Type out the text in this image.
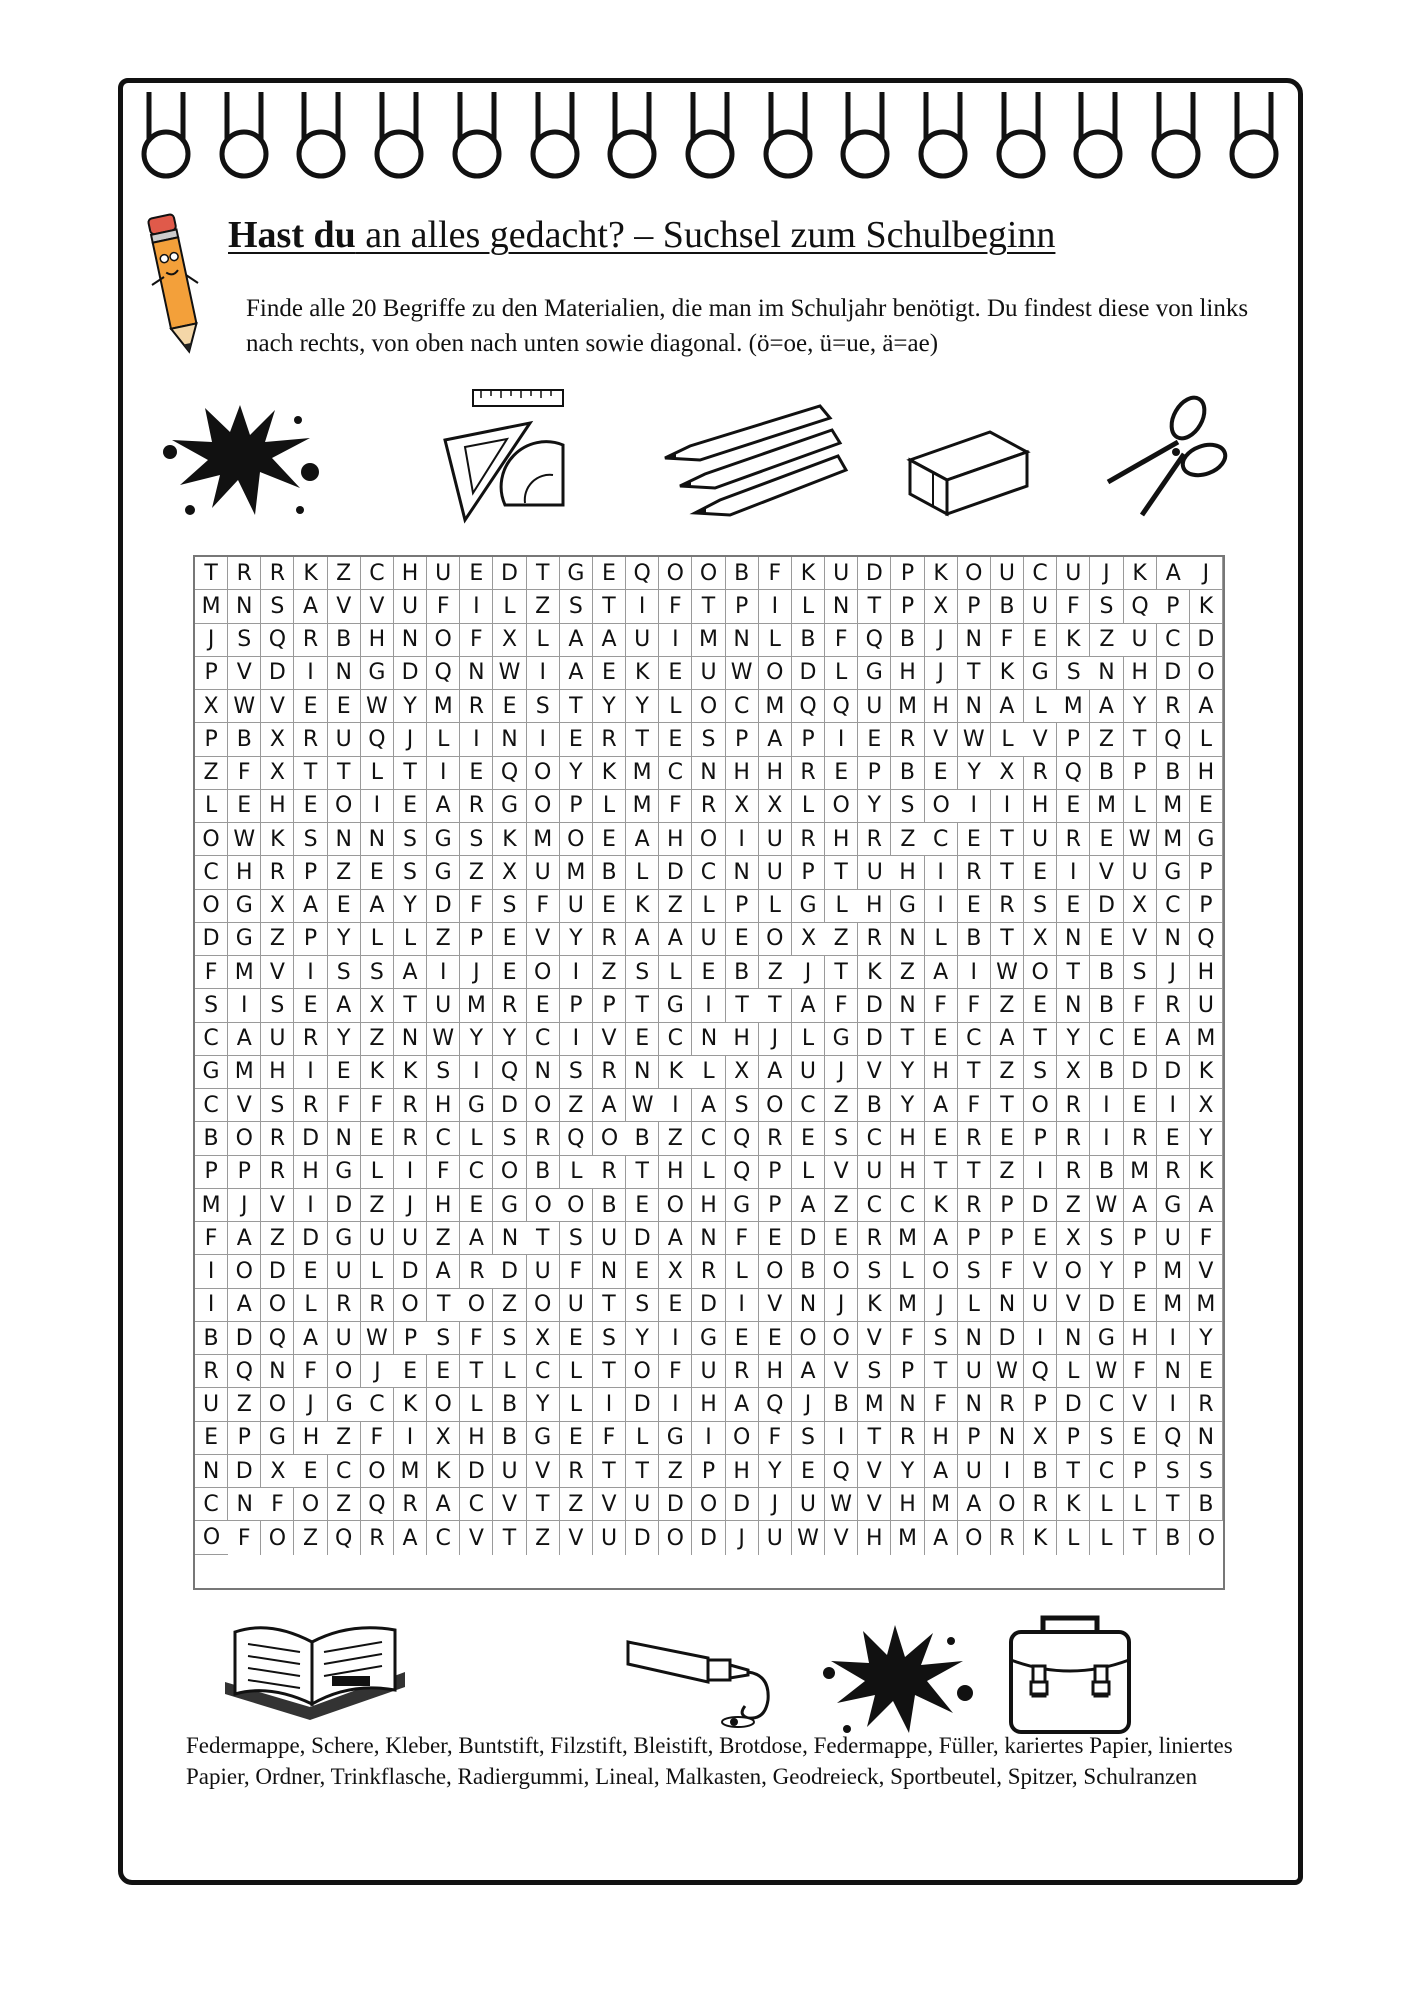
Hast du an alles gedacht? – Suchsel zum Schulbeginn
Finde alle 20 Begriffe zu den Materialien, die man im Schuljahr benötigt. Du findest diese von links nach rechts, von oben nach unten sowie diagonal. (ö=oe, ü=ue, ä=ae)
T R R K Z C H U E D T G E Q O O B F K U D P K O U C U J	K A J
M N S A V V U F	I	L Z S T	I	F T P	I	L N T P X P B U F S Q P K
J	S Q R B H N O F X L A A U I M N L B F Q B	J N F E K Z U C D
P V D I N G D Q N W I	A E K E U W O D L G H J	T K G S N H D O
X W V E E W Y M R E S T Y Y L O C M Q Q U M H N A L M A Y R A
P B X R U Q J	L	I N I	E R T E S P A P	I	E R V W L V P Z T Q L
Z F X T T L T	I	E Q O Y K M C N H H R E P B E Y X R Q B P B H
L E H E O I	E A R G O P L M F R X X L O Y S O I	I H E M L M E
O W K S N N S G S K M O E A H O I U R H R Z C E T U R E W M G
C H R P Z E S G Z X U M B L D C N U P T U H I	R T E	I	V U G P
O G X A E A Y D F S F U E K Z L P L G L H G I	E R S E D X C P
D G Z P Y L L Z P E V Y R A A U E O X Z R N L B T X N E V N Q
F M V	I	S S A	I	J	E O I	Z S L E B Z J	T K Z A	I W O T B S	J H
S	I	S E A X T U M R E P P T G I	T T A F D N F F Z E N B F R U
C A U R Y Z N W Y Y C	I	V E C N H J	L G D T E C A T Y C E A M
G M H I	E K K S	I Q N S R N K L X A U J	V Y H T Z S X B D D K
C V S R F F R H G D O Z A W I	A S O C Z B Y A F T O R	I	E	I	X
B O R D N E R C L S R Q O B Z C Q R E S C H E R E P R	I	R E Y
P P R H G L	I	F C O B L R T H L Q P L V U H T T Z	I	R B M R K
M J	V	I D Z	J H E G O O B E O H G P A Z C C K R P D Z W A G A
F A Z D G U U Z A N T S U D A N F E D E R M A P P E X S P U F
I O D E U L D A R D U F N E X R L O B O S L O S F V O Y P M V
I	A O L R R O T O Z O U T S E D I	V N J	K M J	L N U V D E M M
B D Q A U W P S F S X E S Y	I G E E O O V F S N D I N G H I	Y
R Q N F O J	E E T L C L T O F U R H A V S P T U W Q L W F N E
U Z O J G C K O L B Y L	I D I H A Q J	B M N F N R P D C V	I	R
E P G H Z F	I	X H B G E F L G I O F S	I	T R H P N X P S E Q N
N D X E C O M K D U V R T T Z P H Y E Q V Y A U I	B T C P S S
C N F O Z Q R A C V T Z V U D O D J U W V H M A O R K L L T B
O F O Z Q R A C V T Z V U D O D J U W V H M A O R K L L T B O
Federmappe, Schere, Kleber, Buntstift, Filzstift, Bleistift, Brotdose, Federmappe, Füller, kariertes Papier, liniertes Papier, Ordner, Trinkflasche, Radiergummi, Lineal, Malkasten, Geodreieck, Sportbeutel, Spitzer, Schulranzen
